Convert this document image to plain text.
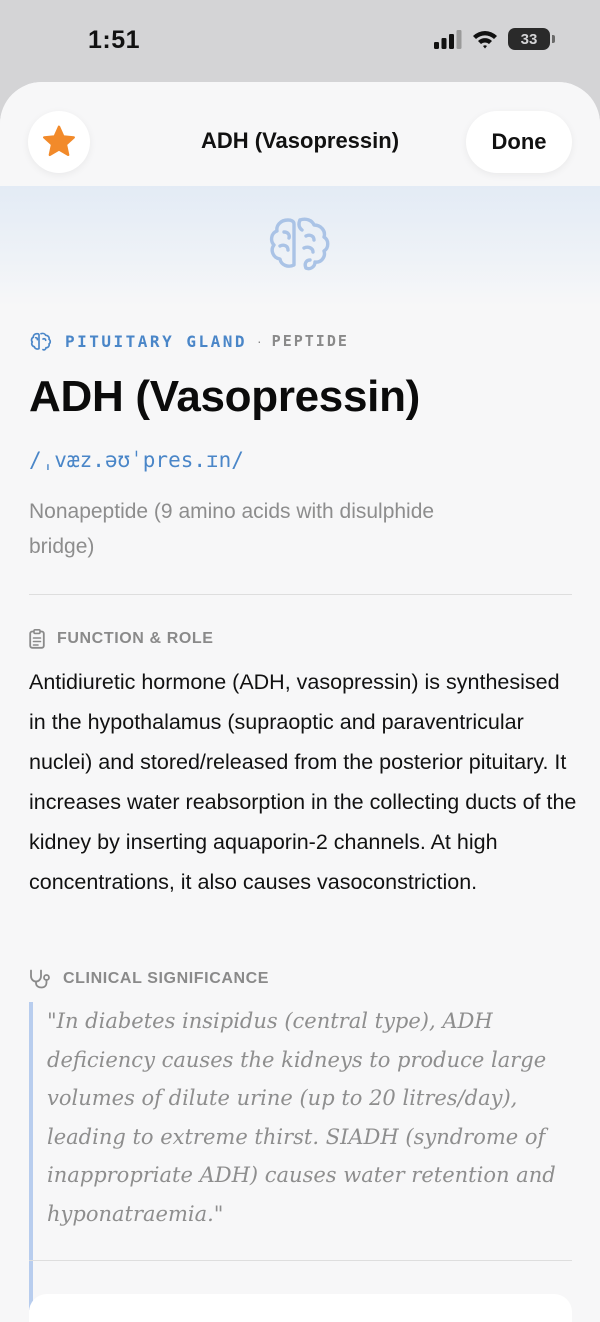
1:51	33
ADH (Vasopressin)	Done
PITUITARY GLAND · PEPTIDE
ADH (Vasopressin)
/ˌvæz.əʊˈpres.ɪn/
Nonapeptide (9 amino acids with disulphide bridge)
FUNCTION & ROLE
Antidiuretic hormone (ADH, vasopressin) is synthesised in the hypothalamus (supraoptic and paraventricular nuclei) and stored/released from the posterior pituitary. It increases water reabsorption in the collecting ducts of the kidney by inserting aquaporin-2 channels. At high concentrations, it also causes vasoconstriction.
CLINICAL SIGNIFICANCE
"In diabetes insipidus (central type), ADH deficiency causes the kidneys to produce large volumes of dilute urine (up to 20 litres/day), leading to extreme thirst. SIADH (syndrome of inappropriate ADH) causes water retention and hyponatraemia."
